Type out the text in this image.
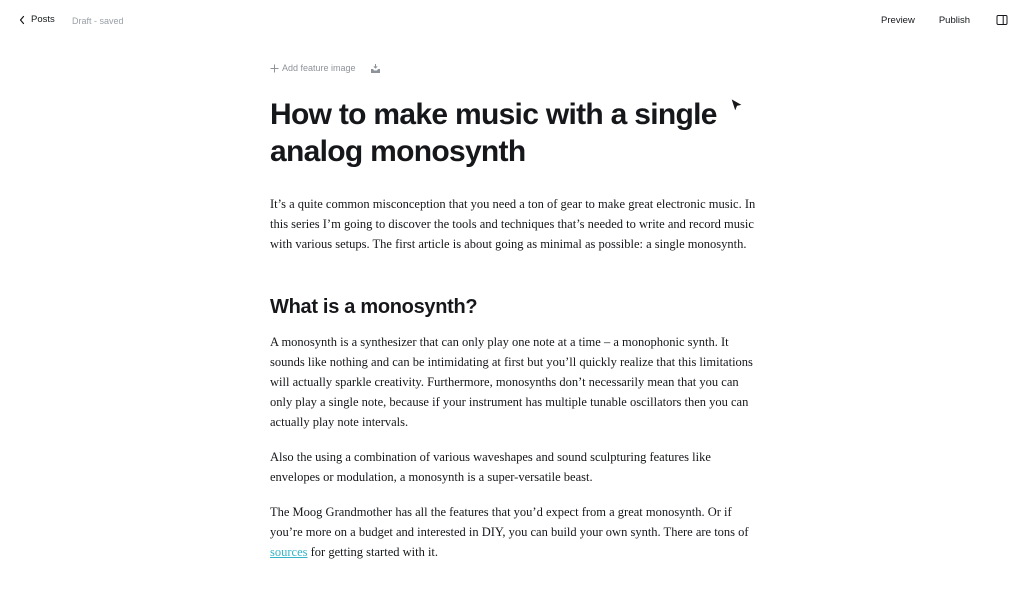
Posts Draft - saved	Preview	Publish
Add feature image
How to make music with a single
analog monosynth

It’s a quite common misconception that you need a ton of gear to make great electronic music. In this series I’m going to discover the tools and techniques that’s needed to write and record music with various setups. The first article is about going as minimal as possible: a single monosynth.

What is a monosynth?

A monosynth is a synthesizer that can only play one note at a time – a monophonic synth. It sounds like nothing and can be intimidating at first but you’ll quickly realize that this limitations will actually sparkle creativity. Furthermore, monosynths don’t necessarily mean that you can only play a single note, because if your instrument has multiple tunable oscillators then you can actually play note intervals.

Also the using a combination of various waveshapes and sound sculpturing features like envelopes or modulation, a monosynth is a super-versatile beast.

The Moog Grandmother has all the features that you’d expect from a great monosynth. Or if you’re more on a budget and interested in DIY, you can build your own synth. There are tons of sources for getting started with it.
